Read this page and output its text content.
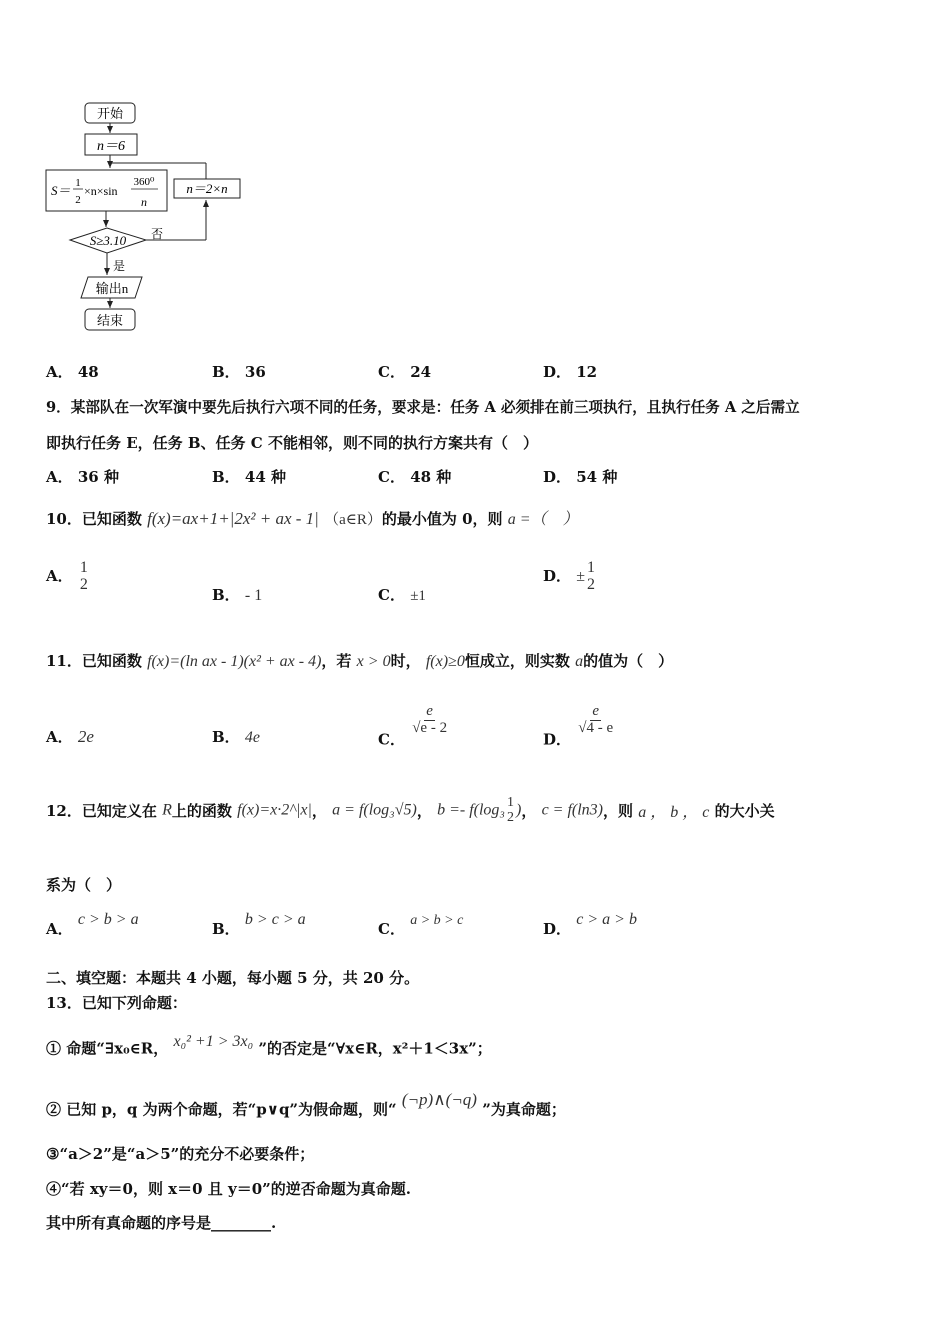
开始
n＝6
S＝ 1
2
×n×sin
360⁰
n
n＝2×n
S≥3.10 否
是
输出n
结束
A． 48	B． 36	C． 24	D． 12
9．某部队在一次军演中要先后执行六项不同的任务，要求是：任务 A 必须排在前三项执行，且执行任务 A 之后需立
即执行任务 E，任务 B、任务 C 不能相邻，则不同的执行方案共有（　）
A． 36 种	B． 44 种	C． 48 种	D． 54 种
10．已知函数 f(x)=ax+1+|2x² + ax - 1| （a∈R）的最小值为 0，则 a =（　）
A． 1
2
B． - 1	C． ±1
D． ±
1
2
11．已知函数 f(x)=(ln ax - 1)(x² + ax - 4)，若 x > 0时， f(x)≥0恒成立，则实数 a的值为（　）
A． 2e	B． 4e	C．
$\frac{e}{√e - 2}$
D．
$\frac{e}{√4 - e}$
12．已知定义在 R上的函数 f(x)=x·2^|x|， a = f(log₃√5)， b =- f(log₃ 1
2 )， c = f(ln3)，则 a ， b ， c 的大小关
系为（　）
A． c > b > a
B． b > c > a
C． a > b > c	D． c > a > b
二、填空题：本题共 4 小题，每小题 5 分，共 20 分。
13．已知下列命题：
① 命题“∃x₀∈R， x₀² +1 > 3x₀ ”的否定是“∀x∈R，x²＋1＜3x”；
② 已知 p，q 为两个命题，若“p∨q”为假命题，则“ (¬p)∧(¬q) ”为真命题；
③“a＞2”是“a＞5”的充分不必要条件；
④“若 xy＝0，则 x＝0 且 y＝0”的逆否命题为真命题.
其中所有真命题的序号是________.
